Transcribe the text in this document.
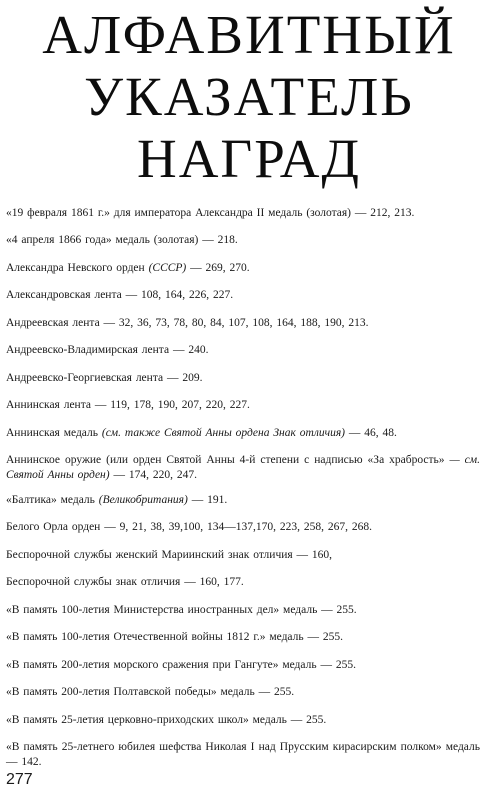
АЛФАВИТНЫЙ
УКАЗАТЕЛЬ
НАГРАД

«19 февраля 1861 г.» для императора Александра II медаль (золотая) — 212, 213.

«4 апреля 1866 года» медаль (золотая) — 218.

Александра Невского орден (СССР) — 269, 270.

Александровская лента — 108, 164, 226, 227.

Андреевская лента — 32, 36, 73, 78, 80, 84, 107, 108, 164, 188, 190, 213.

Андреевско-Владимирская лента — 240.

Андреевско-Георгиевская лента — 209.

Аннинская лента — 119, 178, 190, 207, 220, 227.

Аннинская медаль (см. также Святой Анны ордена Знак отличия) — 46, 48.

Аннинское оружие (или орден Святой Анны 4-й степени с надписью «За храбрость» — см. Святой Анны орден) — 174, 220, 247.

«Балтика» медаль (Великобритания) — 191.

Белого Орла орден — 9, 21, 38, 39,100, 134—137,170, 223, 258, 267, 268.

Беспорочной службы женский Мариинский знак отличия — 160,

Беспорочной службы знак отличия — 160, 177.

«В память 100-летия Министерства иностранных дел» медаль — 255.

«В память 100-летия Отечественной войны 1812 г.» медаль — 255.

«В память 200-летия морского сражения при Гангуте» медаль — 255.

«В память 200-летия Полтавской победы» медаль — 255.

«В память 25-летия церковно-приходских школ» медаль — 255.

«В память 25-летнего юбилея шефства Николая I над Прусским кирасирским полком» медаль — 142.

277
